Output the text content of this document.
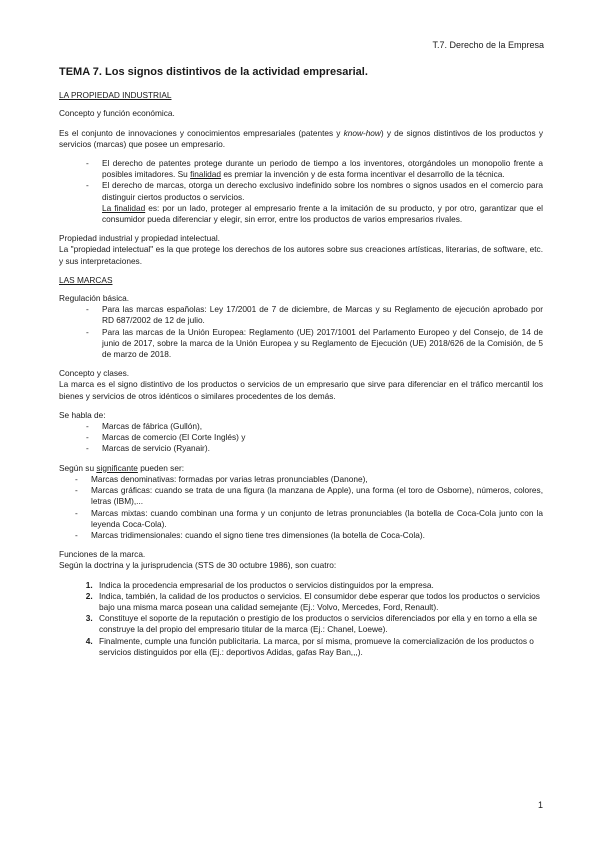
T.7. Derecho de la Empresa
TEMA 7. Los signos distintivos de la actividad empresarial.
LA PROPIEDAD INDUSTRIAL

Concepto y función económica.

Es el conjunto de innovaciones y conocimientos empresariales (patentes y know-how) y de signos distintivos de los productos y servicios (marcas) que posee un empresario.

- El derecho de patentes protege durante un periodo de tiempo a los inventores, otorgándoles un monopolio frente a posibles imitadores. Su finalidad es premiar la invención y de esta forma incentivar el desarrollo de la técnica.
- El derecho de marcas, otorga un derecho exclusivo indefinido sobre los nombres o signos usados en el comercio para distinguir ciertos productos o servicios.
La finalidad es: por un lado, proteger al empresario frente a la imitación de su producto, y por otro, garantizar que el consumidor pueda diferenciar y elegir, sin error, entre los productos de varios empresarios rivales.

Propiedad industrial y propiedad intelectual.

La "propiedad intelectual" es la que protege los derechos de los autores sobre sus creaciones artísticas, literarias, de software, etc. y sus interpretaciones.

LAS MARCAS

Regulación básica.

- Para las marcas españolas: Ley 17/2001 de 7 de diciembre, de Marcas y su Reglamento de ejecución aprobado por RD 687/2002 de 12 de julio.
- Para las marcas de la Unión Europea: Reglamento (UE) 2017/1001 del Parlamento Europeo y del Consejo, de 14 de junio de 2017, sobre la marca de la Unión Europea y su Reglamento de Ejecución (UE) 2018/626 de la Comisión, de 5 de marzo de 2018.

Concepto y clases.

La marca es el signo distintivo de los productos o servicios de un empresario que sirve para diferenciar en el tráfico mercantil los bienes y servicios de otros idénticos o similares procedentes de los demás.

Se habla de:

- Marcas de fábrica (Gullón),
- Marcas de comercio (El Corte Inglés) y
- Marcas de servicio (Ryanair).

Según su significante pueden ser:

- Marcas denominativas: formadas por varias letras pronunciables (Danone),
- Marcas gráficas: cuando se trata de una figura (la manzana de Apple), una forma (el toro de Osborne), números, colores, letras (IBM),...
- Marcas mixtas: cuando combinan una forma y un conjunto de letras pronunciables (la botella de Coca-Cola junto con la leyenda Coca-Cola).
- Marcas tridimensionales: cuando el signo tiene tres dimensiones (la botella de Coca-Cola).

Funciones de la marca.

Según la doctrina y la jurisprudencia (STS de 30 octubre 1986), son cuatro:

1. Indica la procedencia empresarial de los productos o servicios distinguidos por la empresa.
2. Indica, también, la calidad de los productos o servicios. El consumidor debe esperar que todos los productos o servicios bajo una misma marca posean una calidad semejante (Ej.: Volvo, Mercedes, Ford, Renault).
3. Constituye el soporte de la reputación o prestigio de los productos o servicios diferenciados por ella y en torno a ella se construye la del propio del empresario titular de la marca (Ej.: Chanel, Loewe).
4. Finalmente, cumple una función publicitaria. La marca, por sí misma, promueve la comercialización de los productos o servicios distinguidos por ella (Ej.: deportivos Adidas, gafas Ray Ban,,,).
1
